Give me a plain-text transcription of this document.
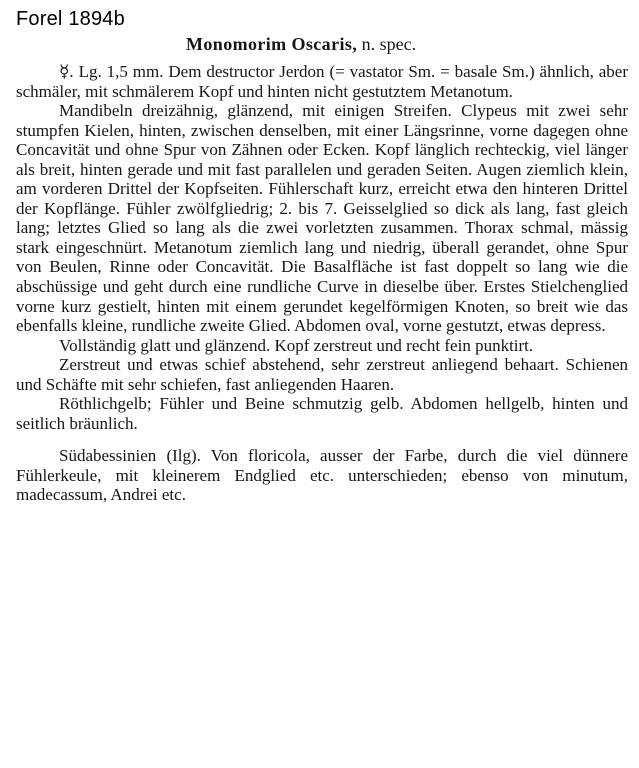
Forel 1894b
Monomorim Oscaris, n. spec.

☿. Lg. 1,5 mm. Dem destructor Jerdon (= vastator Sm. = basale Sm.) ähnlich, aber schmäler, mit schmälerem Kopf und hinten nicht gestutztem Metanotum.

Mandibeln dreizähnig, glänzend, mit einigen Streifen. Clypeus mit zwei sehr stumpfen Kielen, hinten, zwischen denselben, mit einer Längsrinne, vorne dagegen ohne Concavität und ohne Spur von Zähnen oder Ecken. Kopf länglich rechteckig, viel länger als breit, hinten gerade und mit fast parallelen und geraden Seiten. Augen ziemlich klein, am vorderen Drittel der Kopfseiten. Fühlerschaft kurz, erreicht etwa den hinteren Drittel der Kopflänge. Fühler zwölfgliedrig; 2. bis 7. Geisselglied so dick als lang, fast gleich lang; letztes Glied so lang als die zwei vorletzten zusammen. Thorax schmal, mässig stark eingeschnürt. Metanotum ziemlich lang und niedrig, überall gerandet, ohne Spur von Beulen, Rinne oder Concavität. Die Basalfläche ist fast doppelt so lang wie die abschüssige und geht durch eine rundliche Curve in dieselbe über. Erstes Stielchenglied vorne kurz gestielt, hinten mit einem gerundet kegelförmigen Knoten, so breit wie das ebenfalls kleine, rundliche zweite Glied. Abdomen oval, vorne gestutzt, etwas depress.

Vollständig glatt und glänzend. Kopf zerstreut und recht fein punktirt.

Zerstreut und etwas schief abstehend, sehr zerstreut anliegend behaart. Schienen und Schäfte mit sehr schiefen, fast anliegenden Haaren.

Röthlichgelb; Fühler und Beine schmutzig gelb. Abdomen hellgelb, hinten und seitlich bräunlich.

Südabessinien (Ilg). Von floricola, ausser der Farbe, durch die viel dünnere Fühlerkeule, mit kleinerem Endglied etc. unterschieden; ebenso von minutum, madecassum, Andrei etc.
